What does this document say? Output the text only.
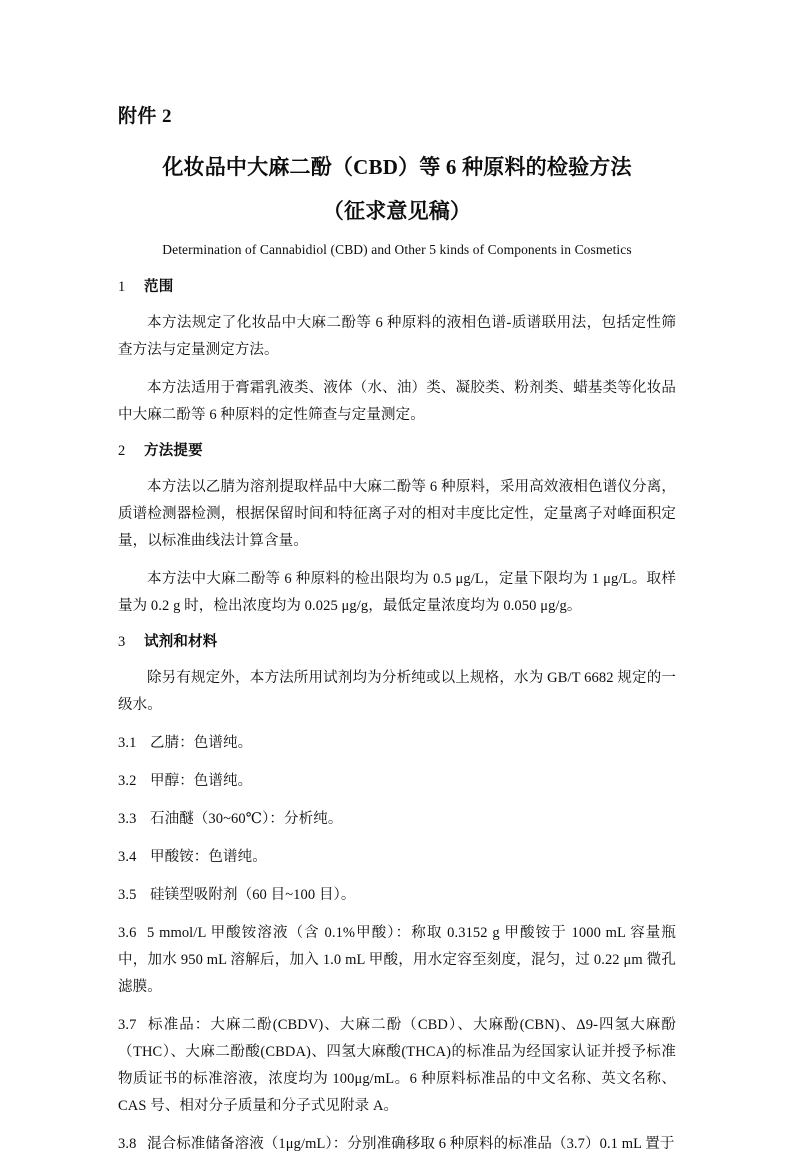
附件 2
化妆品中大麻二酚（CBD）等 6 种原料的检验方法
（征求意见稿）
Determination of Cannabidiol (CBD) and Other 5 kinds of Components in Cosmetics
1 范围

本方法规定了化妆品中大麻二酚等 6 种原料的液相色谱-质谱联用法，包括定性筛查方法与定量测定方法。

本方法适用于膏霜乳液类、液体（水、油）类、凝胶类、粉剂类、蜡基类等化妆品中大麻二酚等 6 种原料的定性筛查与定量测定。

2 方法提要

本方法以乙腈为溶剂提取样品中大麻二酚等 6 种原料，采用高效液相色谱仪分离，质谱检测器检测，根据保留时间和特征离子对的相对丰度比定性，定量离子对峰面积定量，以标准曲线法计算含量。

本方法中大麻二酚等 6 种原料的检出限均为 0.5 μg/L，定量下限均为 1 μg/L。取样量为 0.2 g 时，检出浓度均为 0.025 μg/g，最低定量浓度均为 0.050 μg/g。

3 试剂和材料

除另有规定外，本方法所用试剂均为分析纯或以上规格，水为 GB/T 6682 规定的一级水。

3.1 乙腈：色谱纯。

3.2 甲醇：色谱纯。

3.3 石油醚（30~60℃）：分析纯。

3.4 甲酸铵：色谱纯。

3.5 硅镁型吸附剂（60 目~100 目）。

3.6 5 mmol/L 甲酸铵溶液（含 0.1%甲酸）：称取 0.3152 g 甲酸铵于 1000 mL 容量瓶中，加水 950 mL 溶解后，加入 1.0 mL 甲酸，用水定容至刻度，混匀，过 0.22 μm 微孔滤膜。

3.7 标准品：大麻二酚(CBDV)、大麻二酚（CBD）、大麻酚(CBN)、Δ9-四氢大麻酚（THC）、大麻二酚酸(CBDA)、四氢大麻酸(THCA)的标准品为经国家认证并授予标准物质证书的标准溶液，浓度均为 100μg/mL。6 种原料标准品的中文名称、英文名称、CAS 号、相对分子质量和分子式见附录 A。

3.8 混合标准储备溶液（1μg/mL）：分别准确移取 6 种原料的标准品（3.7）0.1 mL 置于
